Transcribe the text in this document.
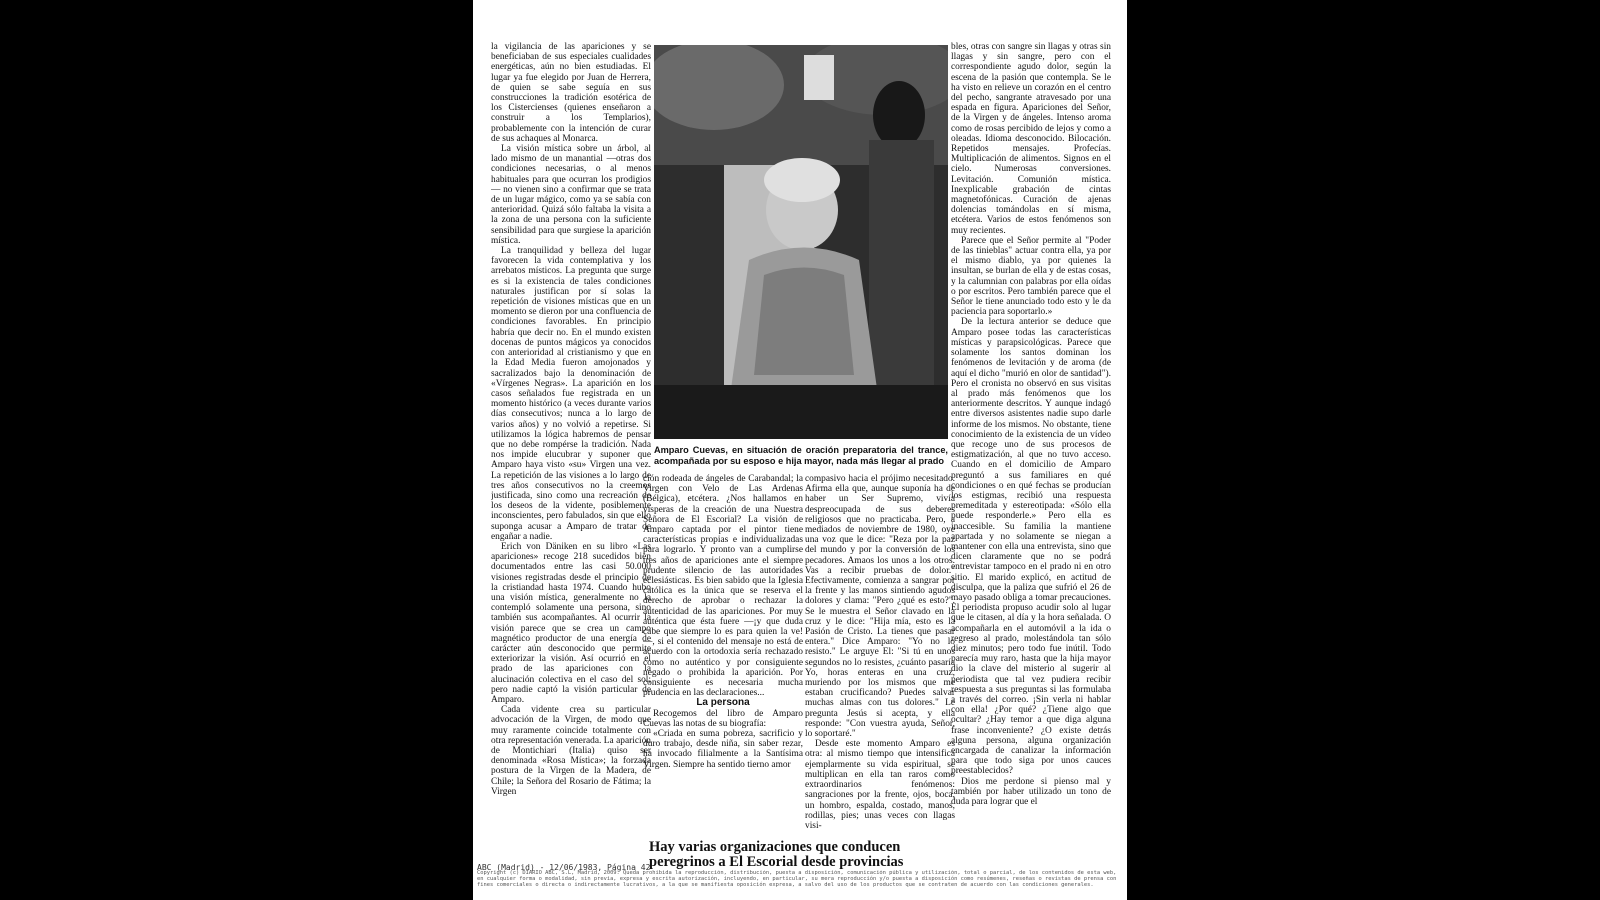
la vigilancia de las apariciones y se beneficiaban de sus especiales cualidades energéticas, aún no bien estudiadas. El lugar ya fue elegido por Juan de Herrera, de quien se sabe seguía en sus construcciones la tradición esotérica de los Cistercienses (quienes enseñaron a construir a los Templarios), probablemente con la intención de curar de sus achaques al Monarca.

La visión mística sobre un árbol, al lado mismo de un manantial —otras dos condiciones necesarias, o al menos habituales para que ocurran los prodigios— no vienen sino a confirmar que se trata de un lugar mágico, como ya se sabía con anterioridad. Quizá sólo faltaba la visita a la zona de una persona con la suficiente sensibilidad para que surgiese la aparición mística.

La tranquilidad y belleza del lugar favorecen la vida contemplativa y los arrebatos místicos. La pregunta que surge es si la existencia de tales condiciones naturales justifican por sí solas la repetición de visiones místicas que en un momento se dieron por una confluencia de condiciones favorables. En principio habría que decir no. En el mundo existen docenas de puntos mágicos ya conocidos con anterioridad al cristianismo y que en la Edad Media fueron amojonados y sacralizados bajo la denominación de «Vírgenes Negras». La aparición en los casos señalados fue registrada en un momento histórico (a veces durante varios días consecutivos; nunca a lo largo de varios años) y no volvió a repetirse. Si utilizamos la lógica habremos de pensar que no debe rompérse la tradición. Nada nos impide elucubrar y suponer que Amparo haya visto «su» Virgen una vez. La repetición de las visiones a lo largo de tres años consecutivos no la creemos justificada, sino como una recreación de los deseos de la vidente, posiblemente inconscientes, pero fabulados, sin que ello suponga acusar a Amparo de tratar de engañar a nadie.

Erich von Däniken en su libro «Las apariciones» recoge 218 sucedidos bien documentados entre las casi 50.000 visiones registradas desde el principio de la cristiandad hasta 1974. Cuando hubo una visión mística, generalmente no la contempló solamente una persona, sino también sus acompañantes. Al ocurrir la visión parece que se crea un campo magnético productor de una energía de carácter aún desconocido que permite exteriorizar la visión. Así ocurrió en el prado de las apariciones con la alucinación colectiva en el caso del sol; pero nadie captó la visión particular de Amparo.

Cada vidente crea su particular advocación de la Virgen, de modo que muy raramente coincide totalmente con otra representación venerada. La aparición de Montichiari (Italia) quiso ser denominada «Rosa Mística»; la forzada postura de la Virgen de la Madera, de Chile; la Señora del Rosario de Fátima; la Virgen

Amparo Cuevas, en situación de oración preparatoria del trance, acompañada por su esposo e hija mayor, nada más llegar al prado

ción rodeada de ángeles de Carabandal; la Virgen con Velo de Las Ardenas (Bélgica), etcétera. ¿Nos hallamos en vísperas de la creación de una Nuestra Señora de El Escorial? La visión de Amparo captada por el pintor tiene características propias e individualizadas para lograrlo. Y pronto van a cumplirse tres años de apariciones ante el siempre prudente silencio de las autoridades eclesiásticas. Es bien sabido que la Iglesia católica es la única que se reserva el derecho de aprobar o rechazar la autenticidad de las apariciones. Por muy auténtica que ésta fuere —¡y que duda cabe que siempre lo es para quien la ve!—, si el contenido del mensaje no está de acuerdo con la ortodoxia sería rechazado como no auténtico y por consiguiente negado o prohibida la aparición. Por consiguiente es necesaria mucha prudencia en las declaraciones...

La persona

Recogemos del libro de Amparo Cuevas las notas de su biografía:

«Criada en suma pobreza, sacrificio y duro trabajo, desde niña, sin saber rezar, ha invocado filialmente a la Santísima Virgen. Siempre ha sentido tierno amor

compasivo hacia el prójimo necesitado. Afirma ella que, aunque suponía ha de haber un Ser Supremo, vivía despreocupada de sus deberes religiosos que no practicaba. Pero, a mediados de noviembre de 1980, oye una voz que le dice: "Reza por la paz del mundo y por la conversión de los pecadores. Amaos los unos a los otros. Vas a recibir pruebas de dolor." Efectivamente, comienza a sangrar por la frente y las manos sintiendo agudos dolores y clama: "Pero ¿qué es esto?". Se le muestra el Señor clavado en la cruz y le dice: "Hija mía, esto es la Pasión de Cristo. La tienes que pasar entera." Dice Amparo: "Yo no lo resisto." Le arguye El: "Si tú en unos segundos no lo resistes, ¿cuánto pasaría Yo, horas enteras en una cruz, muriendo por los mismos que me estaban crucificando? Puedes salvar muchas almas con tus dolores." Le pregunta Jesús si acepta, y ella responde: "Con vuestra ayuda, Señor, lo soportaré."

Desde este momento Amparo es otra: al mismo tiempo que intensifica ejemplarmente su vida espiritual, se multiplican en ella tan raros como extraordinarios fenómenos: sangraciones por la frente, ojos, boca, un hombro, espalda, costado, manos, rodillas, pies; unas veces con llagas visi-

bles, otras con sangre sin llagas y otras sin llagas y sin sangre, pero con el correspondiente agudo dolor, según la escena de la pasión que contempla. Se le ha visto en relieve un corazón en el centro del pecho, sangrante atravesado por una espada en figura. Apariciones del Señor, de la Virgen y de ángeles. Intenso aroma como de rosas percibido de lejos y como a oleadas. Idioma desconocido. Bilocación. Repetidos mensajes. Profecías. Multiplicación de alimentos. Signos en el cielo. Numerosas conversiones. Levitación. Comunión mística. Inexplicable grabación de cintas magnetofónicas. Curación de ajenas dolencias tomándolas en sí misma, etcétera. Varios de estos fenómenos son muy recientes.

Parece que el Señor permite al "Poder de las tinieblas" actuar contra ella, ya por el mismo diablo, ya por quienes la insultan, se burlan de ella y de estas cosas, y la calumnian con palabras por ella oídas o por escritos. Pero también parece que el Señor le tiene anunciado todo esto y le da paciencia para soportarlo.»

De la lectura anterior se deduce que Amparo posee todas las características místicas y parapsicológicas. Parece que solamente los santos dominan los fenómenos de levitación y de aroma (de aquí el dicho "murió en olor de santidad"). Pero el cronista no observó en sus visitas al prado más fenómenos que los anteriormente descritos. Y aunque indagó entre diversos asistentes nadie supo darle informe de los mismos. No obstante, tiene conocimiento de la existencia de un vídeo que recoge uno de sus procesos de estigmatización, al que no tuvo acceso. Cuando en el domicilio de Amparo preguntó a sus familiares en qué condiciones o en qué fechas se producían los estigmas, recibió una respuesta premeditada y estereotipada: «Sólo ella puede responderle.» Pero ella es inaccesible. Su familia la mantiene apartada y no solamente se niegan a mantener con ella una entrevista, sino que dicen claramente que no se podrá entrevistar tampoco en el prado ni en otro sitio. El marido explicó, en actitud de disculpa, que la paliza que sufrió el 26 de mayo pasado obliga a tomar precauciones. El periodista propuso acudir solo al lugar que le citasen, al día y la hora señalada. O acompañarla en el automóvil a la ida o regreso al prado, molestándola tan sólo diez minutos; pero todo fue inútil. Todo parecía muy raro, hasta que la hija mayor dio la clave del misterio al sugerir al periodista que tal vez pudiera recibir respuesta a sus preguntas si las formulaba a través del correo. ¡Sin verla ni hablar con ella! ¿Por qué? ¿Tiene algo que ocultar? ¿Hay temor a que diga alguna frase inconveniente? ¿O existe detrás alguna persona, alguna organización encargada de canalizar la información para que todo siga por unos cauces preestablecidos?

Dios me perdone si pienso mal y también por haber utilizado un tono de duda para lograr que el

Hay varias organizaciones que conducen peregrinos a El Escorial desde provincias
ABC (Madrid) - 12/06/1983, Página 42
Copyright (c) DIARIO ABC, S.L, Madrid, 2009. Queda prohibida la reproducción, distribución, puesta a disposición, comunicación pública y utilización, total o parcial, de los contenidos de esta web, en cualquier forma o modalidad, sin previa, expresa y escrita autorización, incluyendo, en particular, su mera reproducción y/o puesta a disposición como resúmenes, reseñas o revistas de prensa con fines comerciales o directa o indirectamente lucrativos, a la que se manifiesta oposición expresa, a salvo del uso de los productos que se contraten de acuerdo con las condiciones generales.
